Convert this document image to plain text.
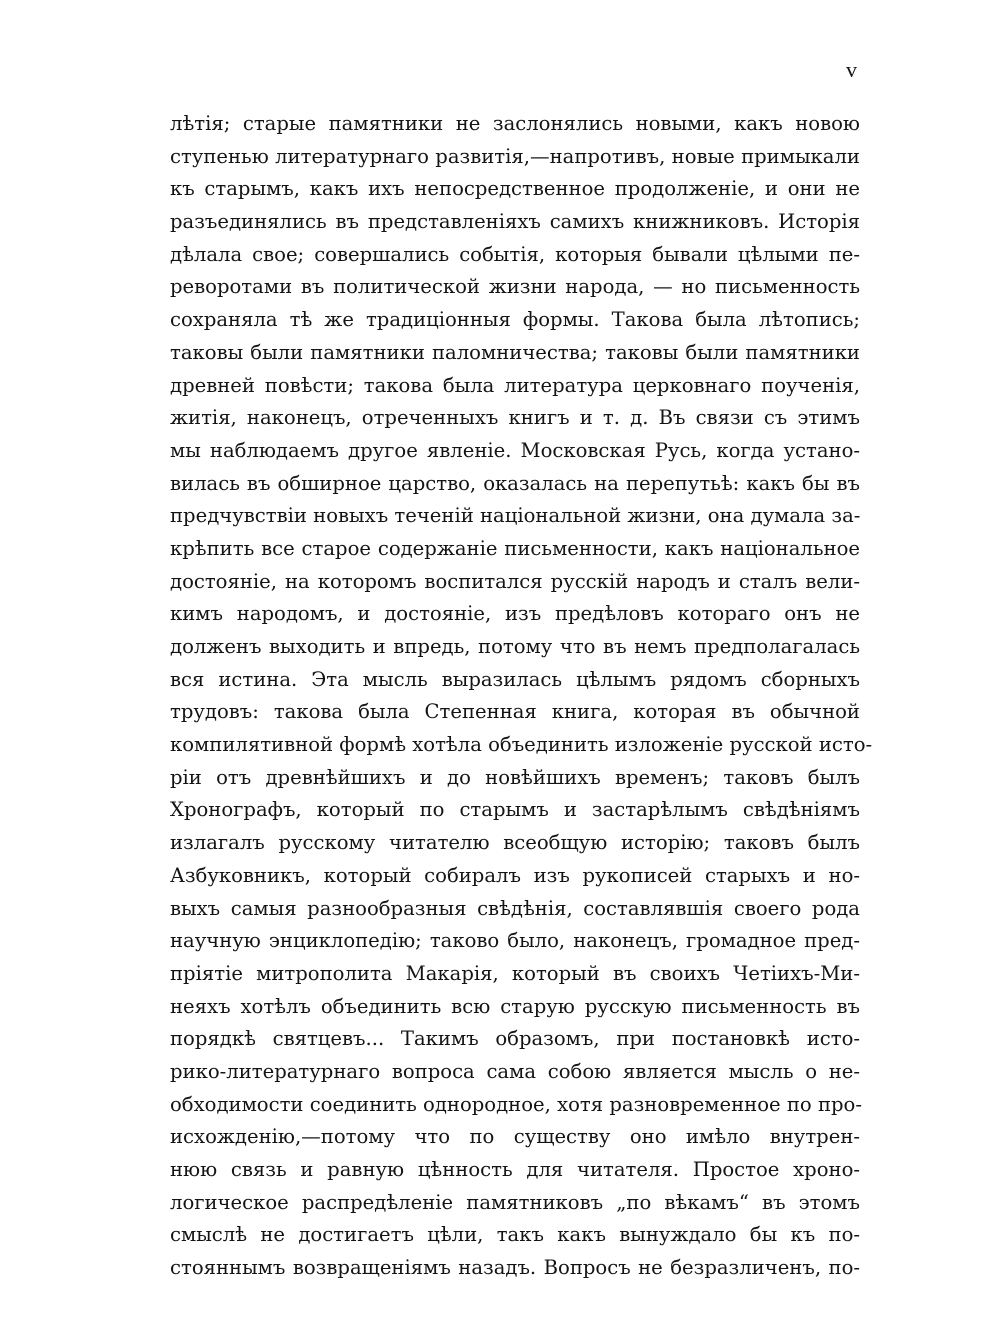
v
лѣтія; старые памятники не заслонялись новыми, какъ новою
ступенью литературнаго развитія,—напротивъ, новые примыкали
къ старымъ, какъ ихъ непосредственное продолженіе, и они не
разъединялись въ представленіяхъ самихъ книжниковъ. Исторія
дѣлала свое; совершались событія, которыя бывали цѣлыми пе-
реворотами въ политической жизни народа, — но письменность
сохраняла тѣ же традиціонныя формы. Такова была лѣтопись;
таковы были памятники паломничества; таковы были памятники
древней повѣсти; такова была литература церковнаго поученія,
житія, наконецъ, отреченныхъ книгъ и т. д. Въ связи съ этимъ
мы наблюдаемъ другое явленіе. Московская Русь, когда устано-
вилась въ обширное царство, оказалась на перепутьѣ: какъ бы въ
предчувствіи новыхъ теченій національной жизни, она думала за-
крѣпить все старое содержаніе письменности, какъ національное
достояніе, на которомъ воспитался русскій народъ и сталъ вели-
кимъ народомъ, и достояніе, изъ предѣловъ котораго онъ не
долженъ выходить и впредь, потому что въ немъ предполагалась
вся истина. Эта мысль выразилась цѣлымъ рядомъ сборныхъ
трудовъ: такова была Степенная книга, которая въ обычной
компилятивной формѣ хотѣла объединить изложеніе русской исто-
ріи отъ древнѣйшихъ и до новѣйшихъ временъ; таковъ былъ
Хронографъ, который по старымъ и застарѣлымъ свѣдѣніямъ
излагалъ русскому читателю всеобщую исторію; таковъ былъ
Азбуковникъ, который собиралъ изъ рукописей старыхъ и но-
выхъ самыя разнообразныя свѣдѣнія, составлявшія своего рода
научную энциклопедію; таково было, наконецъ, громадное пред-
пріятіе митрополита Макарія, который въ своихъ Четіихъ-Ми-
неяхъ хотѣлъ объединить всю старую русскую письменность въ
порядкѣ святцевъ... Такимъ образомъ, при постановкѣ исто-
рико-литературнаго вопроса сама собою является мысль о не-
обходимости соединить однородное, хотя разновременное по про-
исхожденію,—потому что по существу оно имѣло внутрен-
нюю связь и равную цѣнность для читателя. Простое хроно-
логическое распредѣленіе памятниковъ „по вѣкамъ“ въ этомъ
смыслѣ не достигаетъ цѣли, такъ какъ вынуждало бы къ по-
стояннымъ возвращеніямъ назадъ. Вопросъ не безразличенъ, по-
